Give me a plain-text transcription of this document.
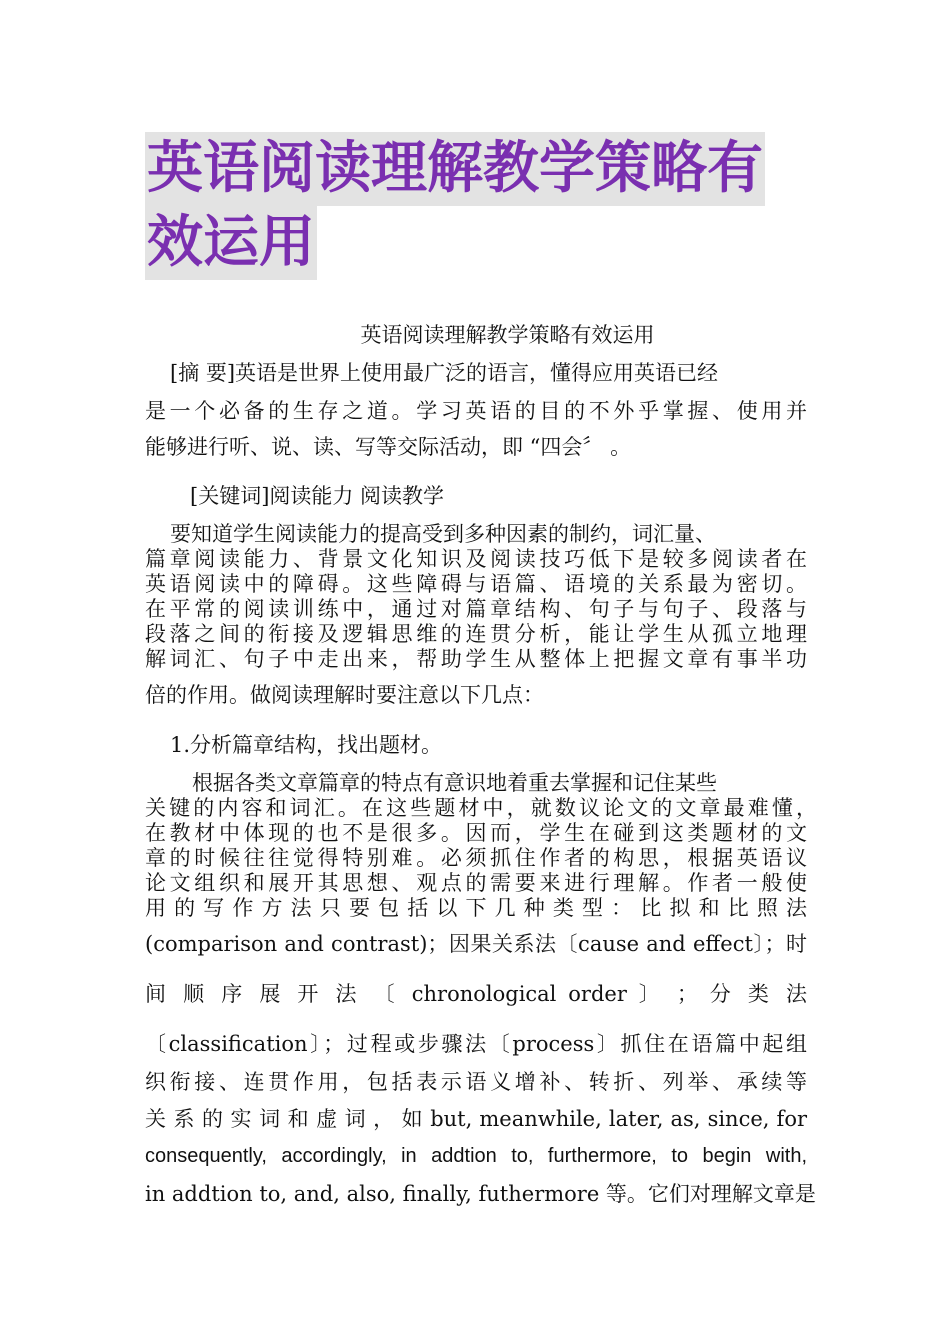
英语阅读理解教学策略有
效运用
英语阅读理解教学策略有效运用
[摘 要]英语是世界上使用最广泛的语言，懂得应用英语已经
是一个必备的生存之道。学习英语的目的不外乎掌握、使用并
能够进行听、说、读、写等交际活动，即 “四会〞 。
[关键词]阅读能力 阅读教学
要知道学生阅读能力的提高受到多种因素的制约，词汇量、
篇章阅读能力、背景文化知识及阅读技巧低下是较多阅读者在
英语阅读中的障碍。这些障碍与语篇、语境的关系最为密切。
在平常的阅读训练中，通过对篇章结构、句子与句子、段落与
段落之间的衔接及逻辑思维的连贯分析，能让学生从孤立地理
解词汇、句子中走出来，帮助学生从整体上把握文章有事半功
倍的作用。做阅读理解时要注意以下几点：
1.分析篇章结构，找出题材。
根据各类文章篇章的特点有意识地着重去掌握和记住某些
关键的内容和词汇。在这些题材中，就数议论文的文章最难懂，
在教材中体现的也不是很多。因而，学生在碰到这类题材的文
章的时候往往觉得特别难。必须抓住作者的构思，根据英语议
论文组织和展开其思想、观点的需要来进行理解。作者一般使
用 的 写 作 方 法 只 要 包 括 以 下 几 种 类 型 ： 比 拟 和 比 照 法
(comparison and contrast)；因果关系法〔cause and effect〕；时
间 顺 序 展 开 法 〔 chronological order 〕 ； 分 类 法
〔classification〕；过程或步骤法〔process〕抓住在语篇中起组
织衔接、连贯作用，包括表示语义增补、转折、列举、承续等
关 系 的 实 词 和 虚 词 ， 如 but, meanwhile, later, as, since, for
consequently, accordingly, in addtion to, furthermore, to begin with,
in addtion to, and, also, finally, futhermore 等。它们对理解文章是
